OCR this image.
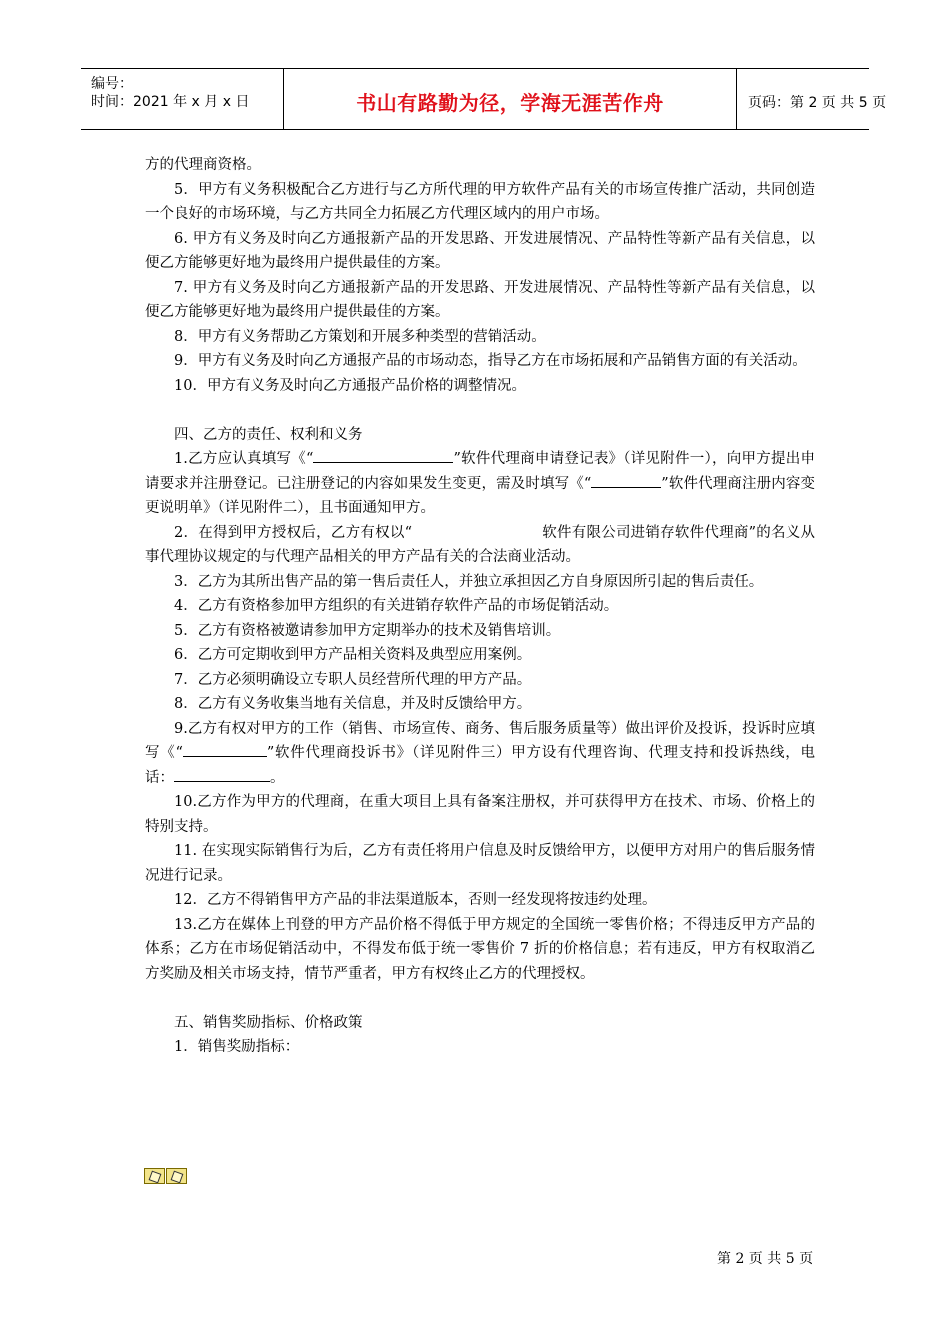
编号：
时间：2021 年 x 月 x 日	书山有路勤为径，学海无涯苦作舟	页码：第 2 页 共 5 页

方的代理商资格。

5．甲方有义务积极配合乙方进行与乙方所代理的甲方软件产品有关的市场宣传推广活动，共同创造一个良好的市场环境，与乙方共同全力拓展乙方代理区域内的用户市场。

6. 甲方有义务及时向乙方通报新产品的开发思路、开发进展情况、产品特性等新产品有关信息，以便乙方能够更好地为最终用户提供最佳的方案。

7. 甲方有义务及时向乙方通报新产品的开发思路、开发进展情况、产品特性等新产品有关信息，以便乙方能够更好地为最终用户提供最佳的方案。

8．甲方有义务帮助乙方策划和开展多种类型的营销活动。

9．甲方有义务及时向乙方通报产品的市场动态，指导乙方在市场拓展和产品销售方面的有关活动。

10．甲方有义务及时向乙方通报产品价格的调整情况。

四、乙方的责任、权利和义务

1.乙方应认真填写《“	”软件代理商申请登记表》（详见附件一），向甲方提出申请要求并注册登记。已注册登记的内容如果发生变更，需及时填写《“	”软件代理商注册内容变更说明单》（详见附件二），且书面通知甲方。

2．在得到甲方授权后，乙方有权以“	软件有限公司进销存软件代理商”的名义从事代理协议规定的与代理产品相关的甲方产品有关的合法商业活动。

3．乙方为其所出售产品的第一售后责任人，并独立承担因乙方自身原因所引起的售后责任。

4．乙方有资格参加甲方组织的有关进销存软件产品的市场促销活动。

5．乙方有资格被邀请参加甲方定期举办的技术及销售培训。

6．乙方可定期收到甲方产品相关资料及典型应用案例。

7．乙方必须明确设立专职人员经营所代理的甲方产品。

8．乙方有义务收集当地有关信息，并及时反馈给甲方。

9.乙方有权对甲方的工作（销售、市场宣传、商务、售后服务质量等）做出评价及投诉，投诉时应填写《“	”软件代理商投诉书》（详见附件三）甲方设有代理咨询、代理支持和投诉热线，电话：	。

10.乙方作为甲方的代理商，在重大项目上具有备案注册权，并可获得甲方在技术、市场、价格上的特别支持。

11. 在实现实际销售行为后，乙方有责任将用户信息及时反馈给甲方，以便甲方对用户的售后服务情况进行记录。

12．乙方不得销售甲方产品的非法渠道版本，否则一经发现将按违约处理。

13.乙方在媒体上刊登的甲方产品价格不得低于甲方规定的全国统一零售价格；不得违反甲方产品的体系；乙方在市场促销活动中，不得发布低于统一零售价 7 折的价格信息；若有违反，甲方有权取消乙方奖励及相关市场支持，情节严重者，甲方有权终止乙方的代理授权。

五、销售奖励指标、价格政策

1．销售奖励指标：

第 2 页 共 5 页
